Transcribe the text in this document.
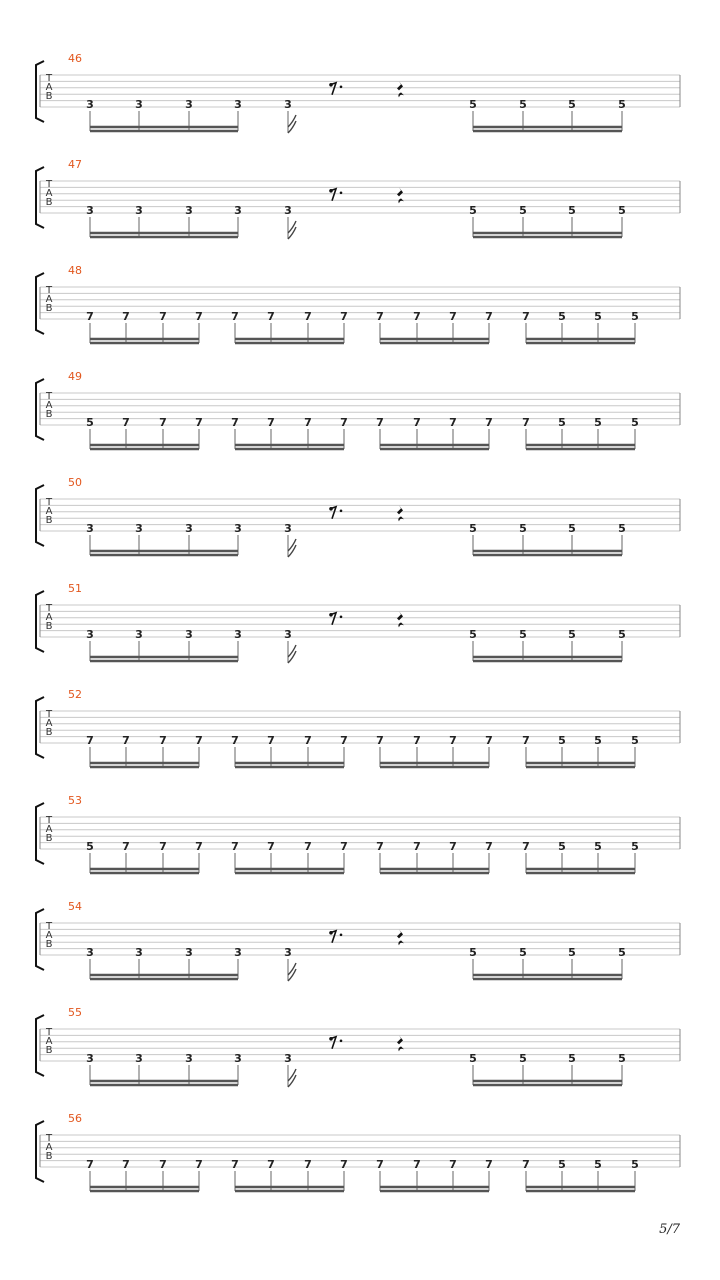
46
T
A
B
3	3	3	3	3	5	5	5	5
47
T
A
B
3	3	3	3	3	5	5	5	5
48
T
A
B
7	7	7	7	7	7	7	7	7	7	7	7	7	5	5	5
49
T
A
B
5	7	7	7	7	7	7	7	7	7	7	7	7	5	5	5
50
T
A
B
3	3	3	3	3	5	5	5	5
51
T
A
B
3	3	3	3	3	5	5	5	5
52
T
A
B
7	7	7	7	7	7	7	7	7	7	7	7	7	5	5	5
53
T
A
B
5	7	7	7	7	7	7	7	7	7	7	7	7	5	5	5
54
T
A
B
3	3	3	3	3	5	5	5	5
55
T
A
B
3	3	3	3	3	5	5	5	5
56
T
A
B
7	7	7	7	7	7	7	7	7	7	7	7	7	5	5	5
5/7
